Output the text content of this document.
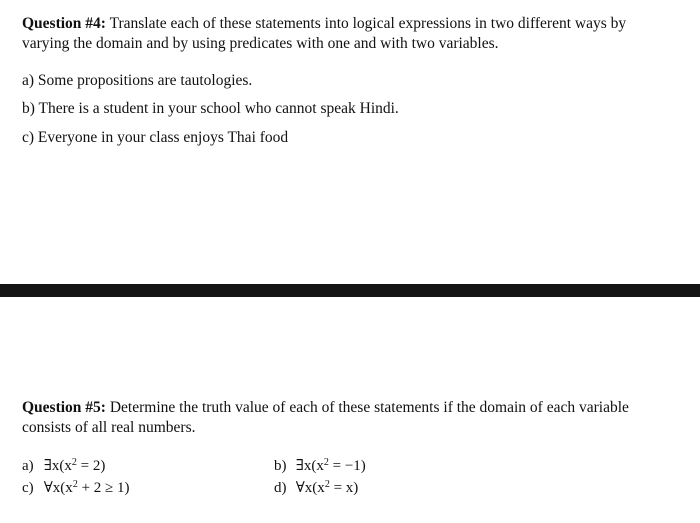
Question #4: Translate each of these statements into logical expressions in two different ways by varying the domain and by using predicates with one and with two variables.
a) Some propositions are tautologies.
b) There is a student in your school who cannot speak Hindi.
c) Everyone in your class enjoys Thai food
Question #5: Determine the truth value of each of these statements if the domain of each variable consists of all real numbers.
a) $\exists x(x^2 = 2)$	b) $\exists x(x^2 = -1)$
c) $\forall x(x^2 + 2 \ge 1)$	d) $\forall x(x^2 = x)$
